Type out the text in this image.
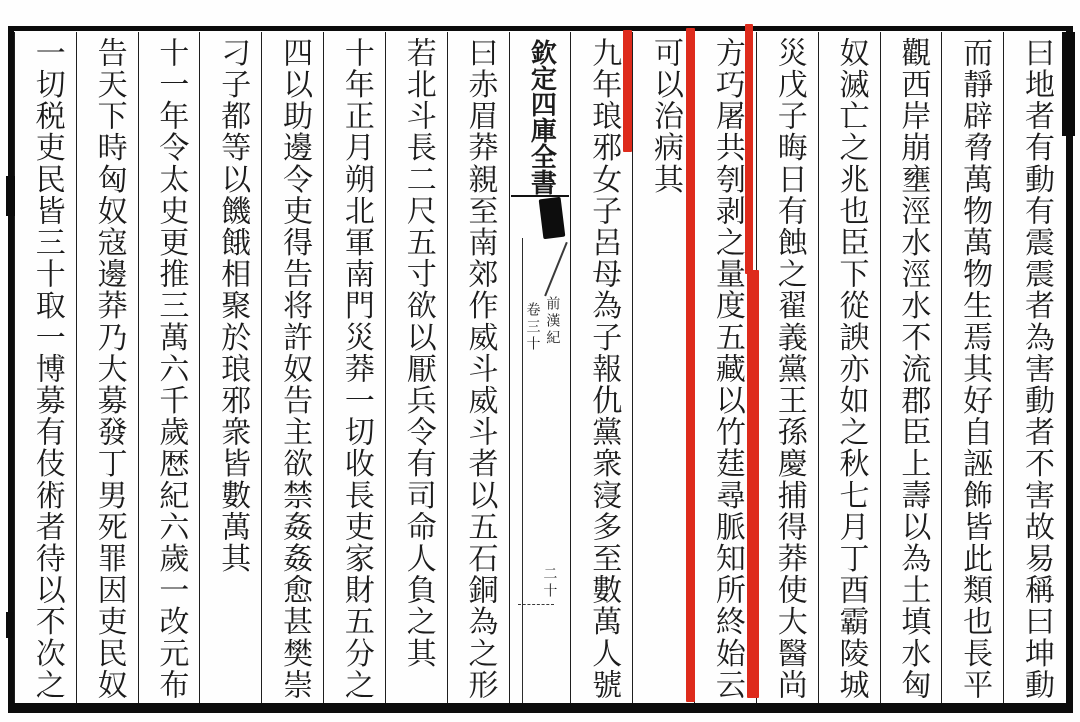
曰地者有動有震震者為害動者不害故易稱曰坤動
而靜辟脅萬物萬物生焉其好自誣飾皆此類也長平
觀西岸崩壅涇水涇水不流郡臣上壽以為土填水匈
奴滅亡之兆也臣下從諛亦如之秋七月丁酉霸陵城
災戊子晦日有蝕之翟義黨王孫慶捕得莽使大醫尚
方巧屠共刳剥之量度五藏以竹莛尋脈知所終始云
可以治病其
九年琅邪女子呂母為子報仇黨衆寖多至數萬人號
欽定四庫全書
卷三十 前漢紀
二十
曰赤眉莽親至南郊作威斗威斗者以五石銅為之形
若北斗長二尺五寸欲以厭兵令有司命人負之其
十年正月朔北軍南門災莽一切收長吏家財五分之
四以助邊令吏得告将許奴告主欲禁姦姦愈甚樊崇
刁子都等以饑餓相聚於琅邪衆皆數萬其
十一年令太史更推三萬六千歲厯紀六歲一改元布
告天下時匈奴寇邊莽乃大募發丁男死罪因吏民奴
一切税吏民皆三十取一博募有伎術者待以不次之
